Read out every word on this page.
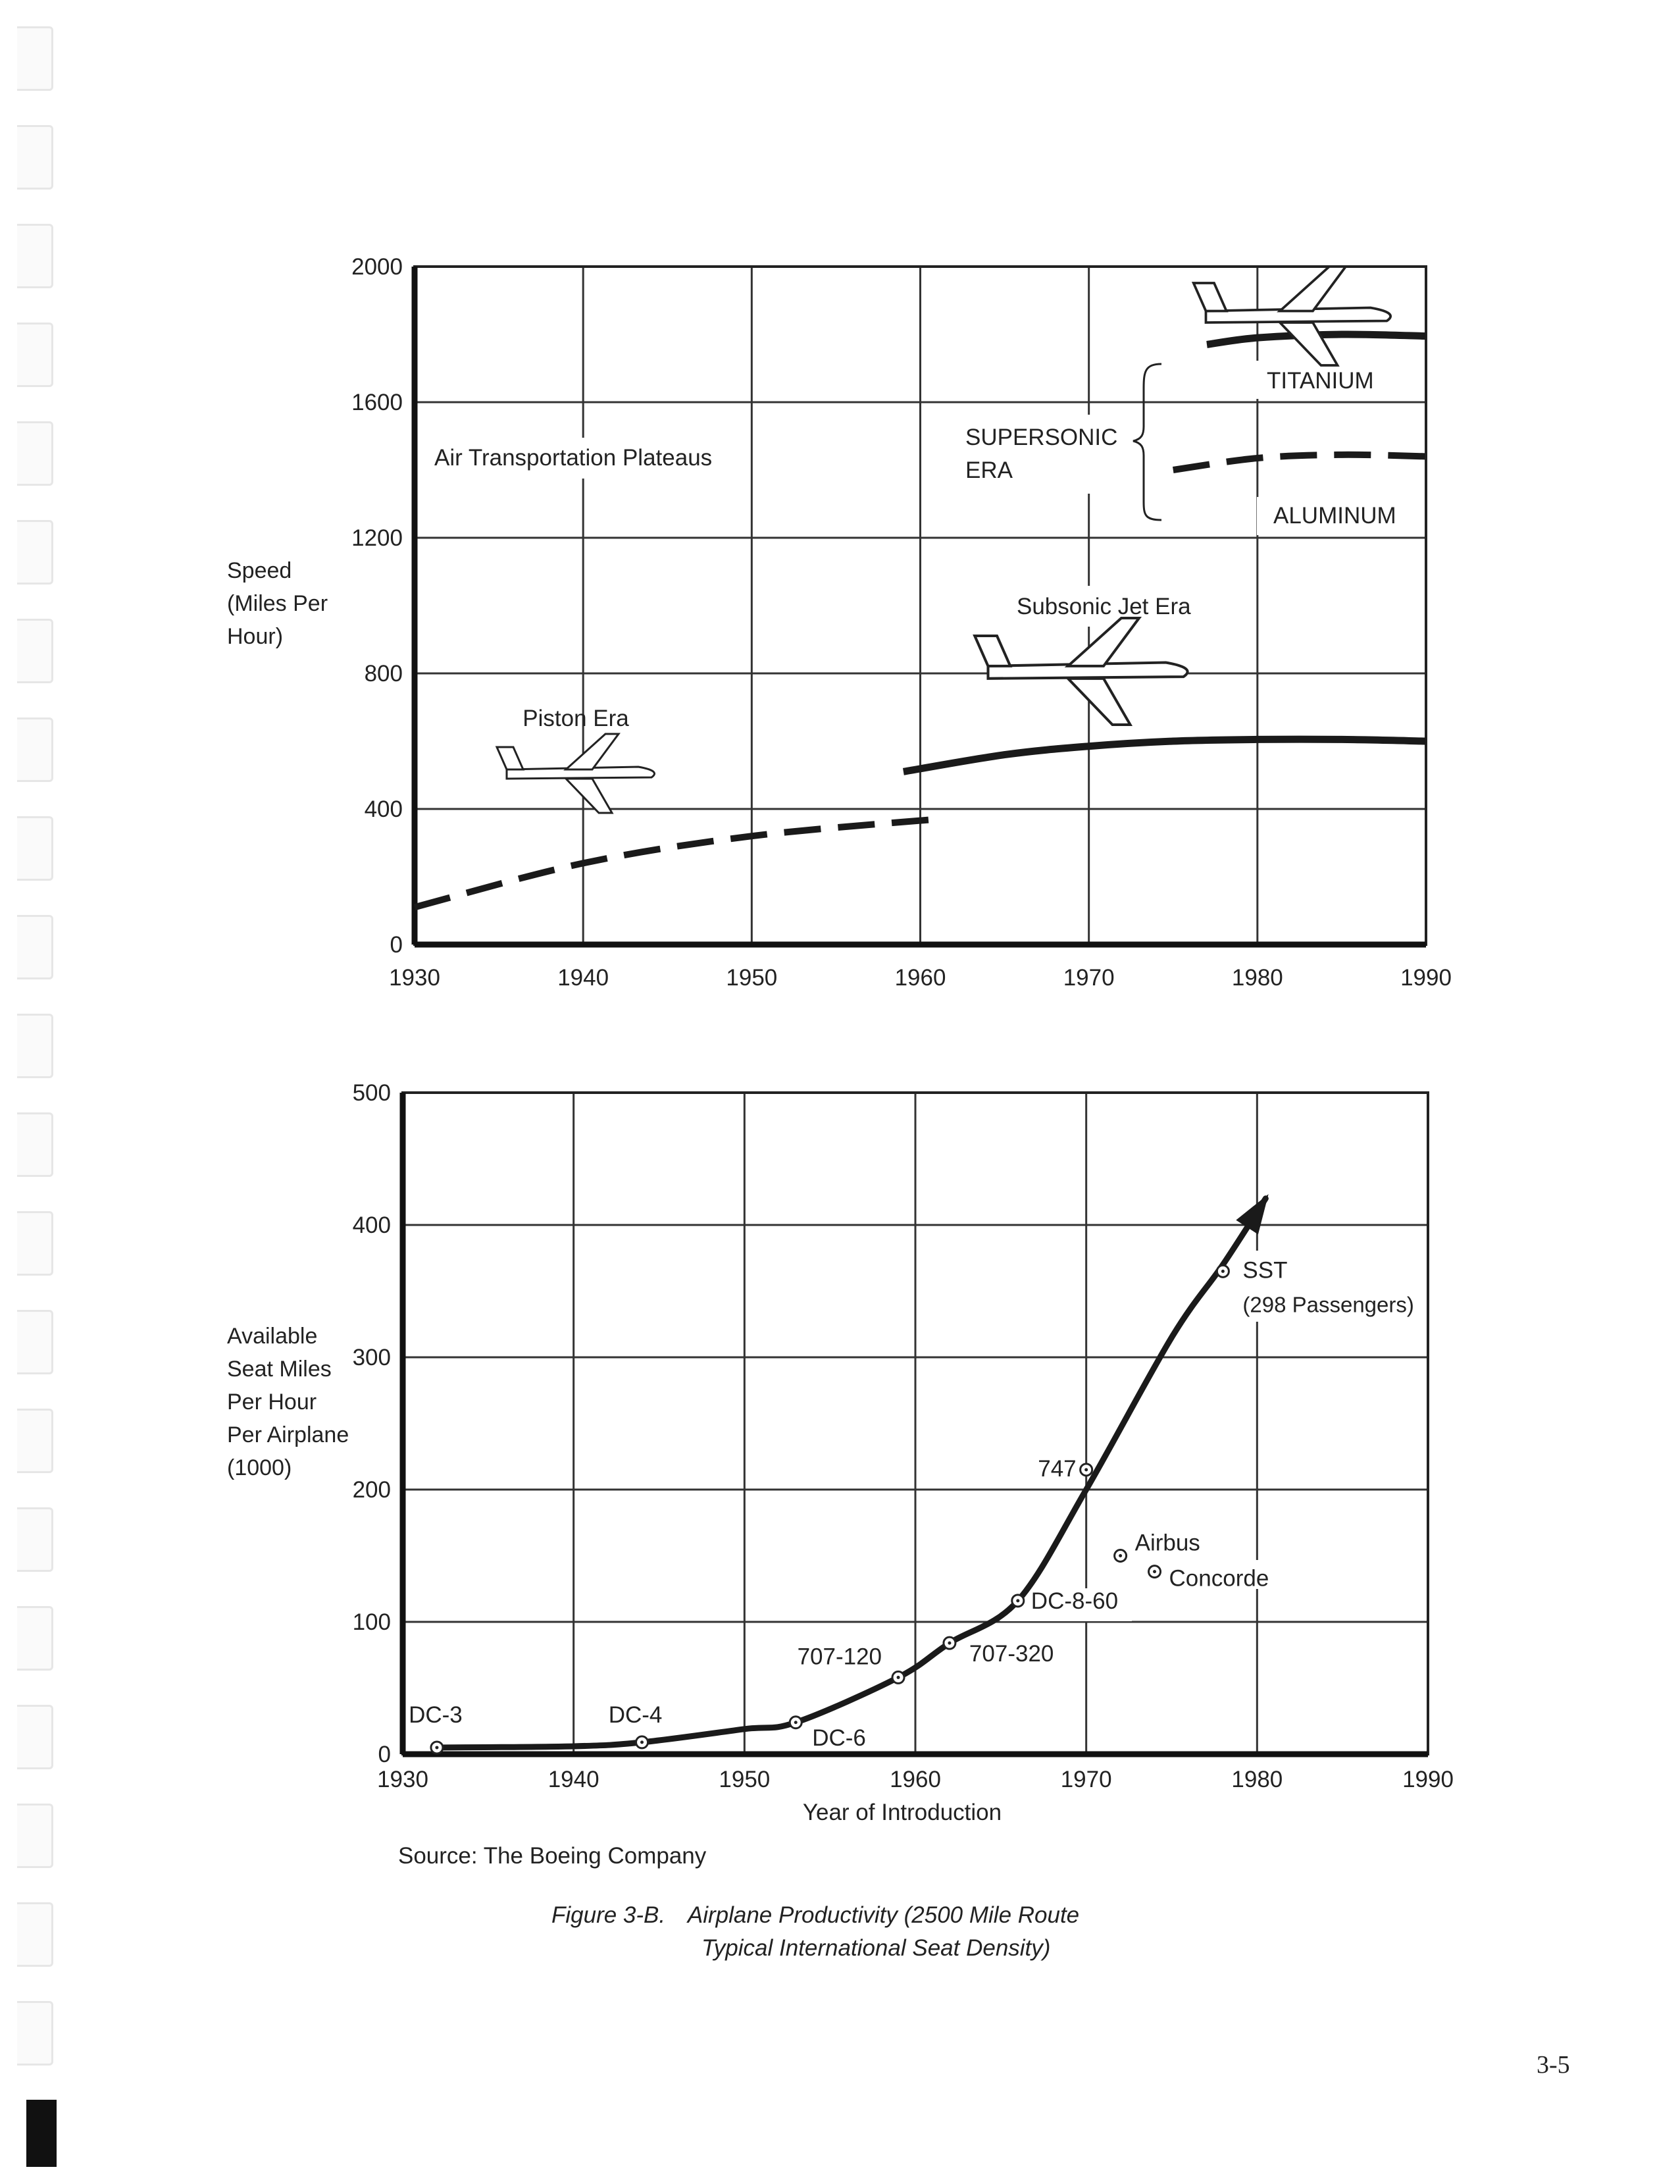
1930	1940	1950	1960	1970	1980	1990
0
400
800
1200
1600
2000
Air Transportation Plateaus
Piston Era
Subsonic Jet Era
SUPERSONIC
ERA
TITANIUM
ALUMINUM
1930	1940	1950	1960	1970	1980	1990
0
100
200
300
400
500
DC-3	DC-4
DC-6
707-120	707-320
DC-8-60
747
Airbus
Concorde
SST
(298 Passengers)
Year of Introduction
Speed
(Miles Per
Hour)
Available
Seat Miles
Per Hour
Per Airplane
(1000)
Source: The Boeing Company
Figure 3-B. Airplane Productivity (2500 Mile Route
Typical International Seat Density)
3-5
